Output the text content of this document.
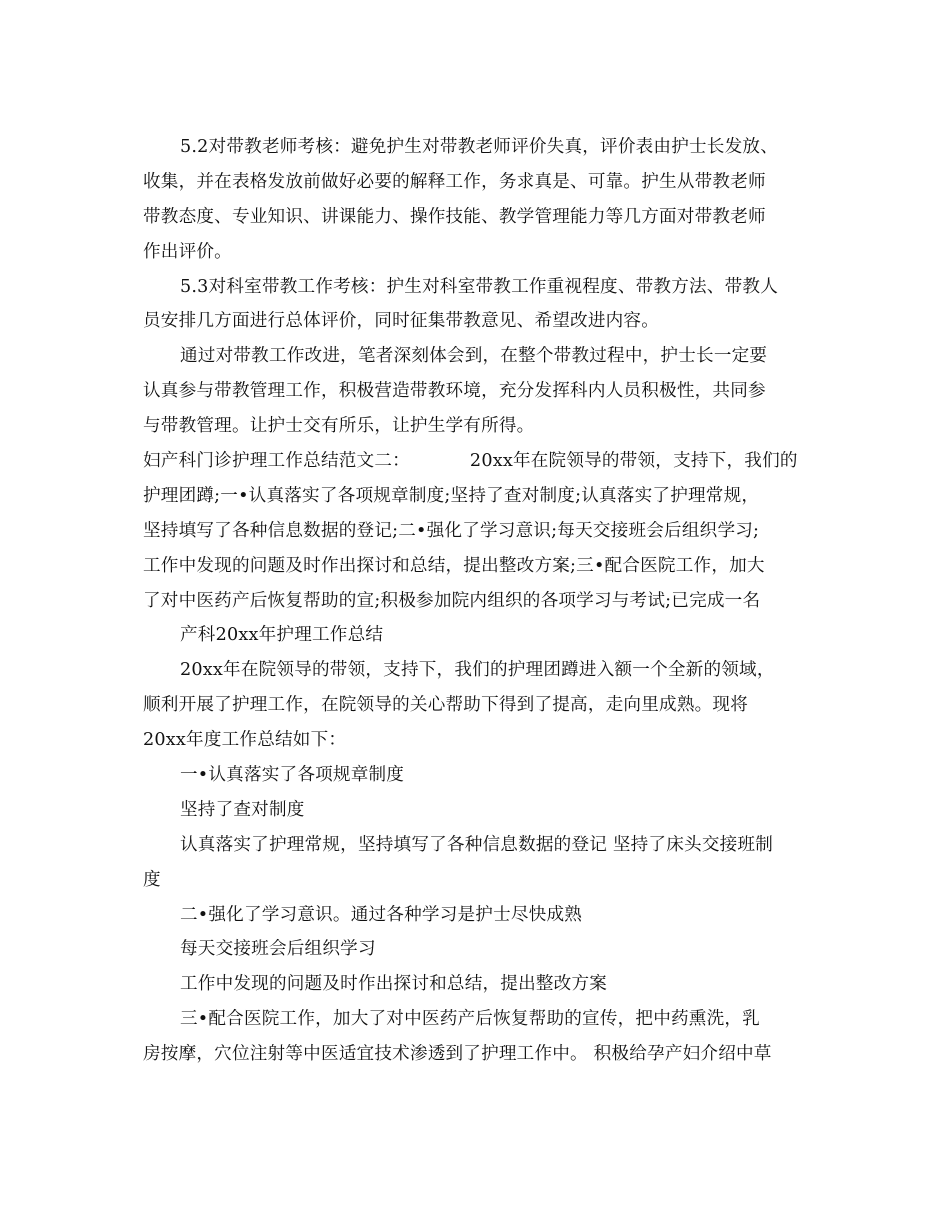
5.2对带教老师考核：避免护生对带教老师评价失真，评价表由护士长发放、
收集，并在表格发放前做好必要的解释工作，务求真是、可靠。护生从带教老师
带教态度、专业知识、讲课能力、操作技能、教学管理能力等几方面对带教老师
作出评价。
5.3对科室带教工作考核：护生对科室带教工作重视程度、带教方法、带教人
员安排几方面进行总体评价，同时征集带教意见、希望改进内容。
通过对带教工作改进，笔者深刻体会到，在整个带教过程中，护士长一定要
认真参与带教管理工作，积极营造带教环境，充分发挥科内人员积极性，共同参
与带教管理。让护士交有所乐，让护生学有所得。
妇产科门诊护理工作总结范文二：	20xx年在院领导的带领，支持下，我们的
护理团蹲;一•认真落实了各项规章制度;坚持了查对制度;认真落实了护理常规，
坚持填写了各种信息数据的登记;二•强化了学习意识;每天交接班会后组织学习;
工作中发现的问题及时作出探讨和总结，提出整改方案;三•配合医院工作，加大
了对中医药产后恢复帮助的宣;积极参加院内组织的各项学习与考试;已完成一名
产科20xx年护理工作总结
20xx年在院领导的带领，支持下，我们的护理团蹲进入额一个全新的领域，
顺利开展了护理工作，在院领导的关心帮助下得到了提高，走向里成熟。现将
20xx年度工作总结如下：
一•认真落实了各项规章制度
坚持了查对制度
认真落实了护理常规，坚持填写了各种信息数据的登记 坚持了床头交接班制
度
二•强化了学习意识。通过各种学习是护士尽快成熟
每天交接班会后组织学习
工作中发现的问题及时作出探讨和总结，提出整改方案
三•配合医院工作，加大了对中医药产后恢复帮助的宣传，把中药熏洗，乳
房按摩，穴位注射等中医适宜技术渗透到了护理工作中。 积极给孕产妇介绍中草
